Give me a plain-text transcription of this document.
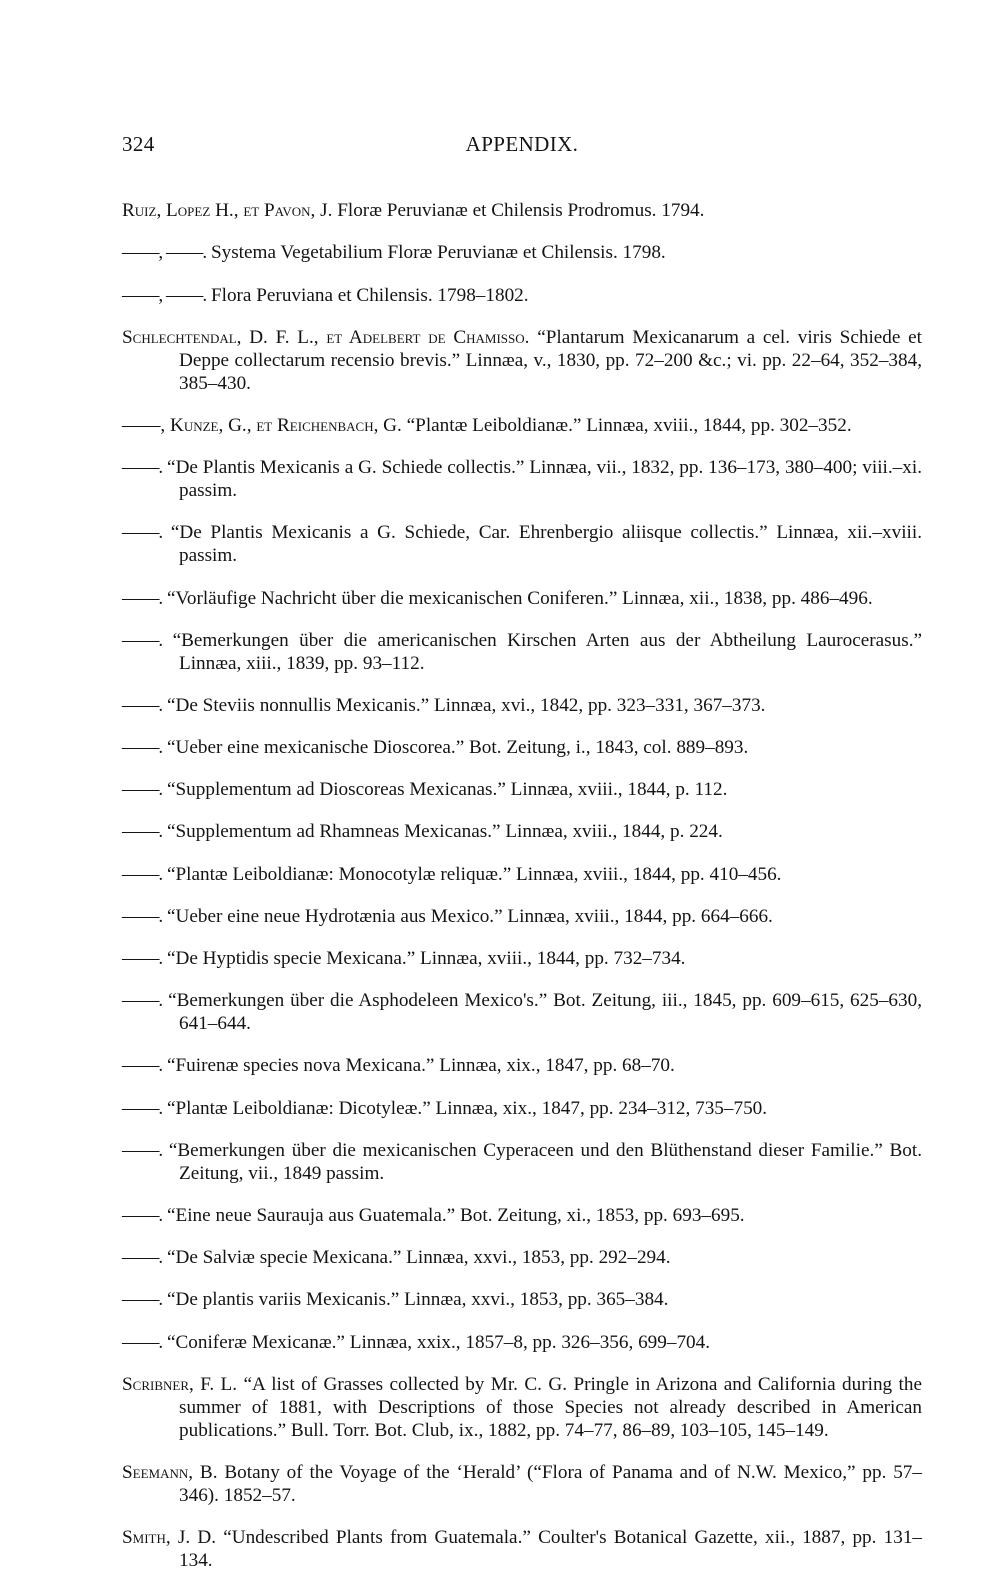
324	APPENDIX.

Ruiz, Lopez H., et Pavon, J. Floræ Peruvianæ et Chilensis Prodromus. 1794.

——, ——. Systema Vegetabilium Floræ Peruvianæ et Chilensis. 1798.

——, ——. Flora Peruviana et Chilensis. 1798–1802.

Schlechtendal, D. F. L., et Adelbert de Chamisso. “Plantarum Mexicanarum a cel. viris Schiede et Deppe collectarum recensio brevis.” Linnæa, v., 1830, pp. 72–200 &c.; vi. pp. 22–64, 352–384, 385–430.

——, Kunze, G., et Reichenbach, G. “Plantæ Leiboldianæ.” Linnæa, xviii., 1844, pp. 302–352.

——. “De Plantis Mexicanis a G. Schiede collectis.” Linnæa, vii., 1832, pp. 136–173, 380–400; viii.–xi. passim.

——. “De Plantis Mexicanis a G. Schiede, Car. Ehrenbergio aliisque collectis.” Linnæa, xii.–xviii. passim.

——. “Vorläufige Nachricht über die mexicanischen Coniferen.” Linnæa, xii., 1838, pp. 486–496.

——. “Bemerkungen über die americanischen Kirschen Arten aus der Abtheilung Laurocerasus.” Linnæa, xiii., 1839, pp. 93–112.

——. “De Steviis nonnullis Mexicanis.” Linnæa, xvi., 1842, pp. 323–331, 367–373.

——. “Ueber eine mexicanische Dioscorea.” Bot. Zeitung, i., 1843, col. 889–893.

——. “Supplementum ad Dioscoreas Mexicanas.” Linnæa, xviii., 1844, p. 112.

——. “Supplementum ad Rhamneas Mexicanas.” Linnæa, xviii., 1844, p. 224.

——. “Plantæ Leiboldianæ: Monocotylæ reliquæ.” Linnæa, xviii., 1844, pp. 410–456.

——. “Ueber eine neue Hydrotænia aus Mexico.” Linnæa, xviii., 1844, pp. 664–666.

——. “De Hyptidis specie Mexicana.” Linnæa, xviii., 1844, pp. 732–734.

——. “Bemerkungen über die Asphodeleen Mexico's.” Bot. Zeitung, iii., 1845, pp. 609–615, 625–630, 641–644.

——. “Fuirenæ species nova Mexicana.” Linnæa, xix., 1847, pp. 68–70.

——. “Plantæ Leiboldianæ: Dicotyleæ.” Linnæa, xix., 1847, pp. 234–312, 735–750.

——. “Bemerkungen über die mexicanischen Cyperaceen und den Blüthenstand dieser Familie.” Bot. Zeitung, vii., 1849 passim.

——. “Eine neue Saurauja aus Guatemala.” Bot. Zeitung, xi., 1853, pp. 693–695.

——. “De Salviæ specie Mexicana.” Linnæa, xxvi., 1853, pp. 292–294.

——. “De plantis variis Mexicanis.” Linnæa, xxvi., 1853, pp. 365–384.

——. “Coniferæ Mexicanæ.” Linnæa, xxix., 1857–8, pp. 326–356, 699–704.

Scribner, F. L. “A list of Grasses collected by Mr. C. G. Pringle in Arizona and California during the summer of 1881, with Descriptions of those Species not already described in American publications.” Bull. Torr. Bot. Club, ix., 1882, pp. 74–77, 86–89, 103–105, 145–149.

Seemann, B. Botany of the Voyage of the ‘Herald’ (“Flora of Panama and of N.W. Mexico,” pp. 57–346). 1852–57.

Smith, J. D. “Undescribed Plants from Guatemala.” Coulter's Botanical Gazette, xii., 1887, pp. 131–134.
